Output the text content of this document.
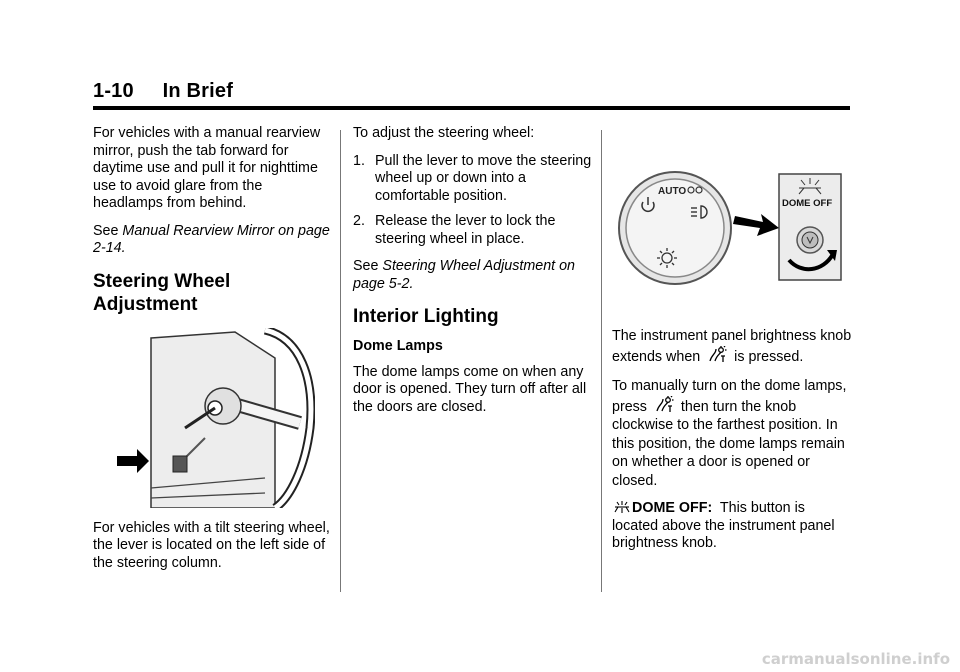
1-10     In Brief

For vehicles with a manual rearview mirror, push the tab forward for daytime use and pull it for nighttime use to avoid glare from the headlamps from behind.

See Manual Rearview Mirror on page 2-14.

Steering Wheel
Adjustment

For vehicles with a tilt steering wheel, the lever is located on the left side of the steering column.

To adjust the steering wheel:

1. Pull the lever to move the steering wheel up or down into a comfortable position.
2. Release the lever to lock the steering wheel in place.

See Steering Wheel Adjustment on page 5-2.

Interior Lighting
Dome Lamps

The dome lamps come on when any door is opened. They turn off after all the doors are closed.

AUTO
DOME OFF

The instrument panel brightness knob extends when  is pressed.

To manually turn on the dome lamps, press  then turn the knob clockwise to the farthest position. In this position, the dome lamps remain on whether a door is opened or closed.

DOME OFF: This button is located above the instrument panel brightness knob.

carmanualsonline.info
